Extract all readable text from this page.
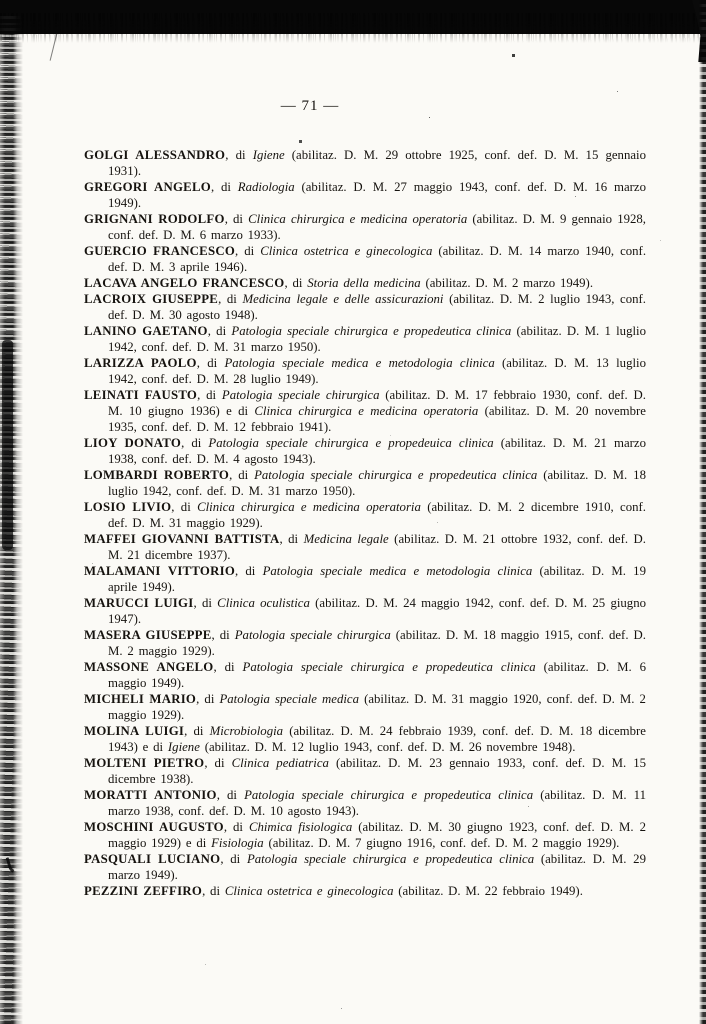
— 71 —

GOLGI ALESSANDRO, di Igiene (abilitaz. D. M. 29 ottobre 1925, conf. def. D. M. 15 gennaio 1931).

GREGORI ANGELO, di Radiologia (abilitaz. D. M. 27 maggio 1943, conf. def. D. M. 16 marzo 1949).

GRIGNANI RODOLFO, di Clinica chirurgica e medicina operatoria (abilitaz. D. M. 9 gennaio 1928, conf. def. D. M. 6 marzo 1933).

GUERCIO FRANCESCO, di Clinica ostetrica e ginecologica (abilitaz. D. M. 14 marzo 1940, conf. def. D. M. 3 aprile 1946).

LACAVA ANGELO FRANCESCO, di Storia della medicina (abilitaz. D. M. 2 marzo 1949).

LACROIX GIUSEPPE, di Medicina legale e delle assicurazioni (abilitaz. D. M. 2 luglio 1943, conf. def. D. M. 30 agosto 1948).

LANINO GAETANO, di Patologia speciale chirurgica e propedeutica clinica (abilitaz. D. M. 1 luglio 1942, conf. def. D. M. 31 marzo 1950).

LARIZZA PAOLO, di Patologia speciale medica e metodologia clinica (abilitaz. D. M. 13 luglio 1942, conf. def. D. M. 28 luglio 1949).

LEINATI FAUSTO, di Patologia speciale chirurgica (abilitaz. D. M. 17 febbraio 1930, conf. def. D. M. 10 giugno 1936) e di Clinica chirurgica e medicina operatoria (abilitaz. D. M. 20 novembre 1935, conf. def. D. M. 12 febbraio 1941).

LIOY DONATO, di Patologia speciale chirurgica e propedeuica clinica (abilitaz. D. M. 21 marzo 1938, conf. def. D. M. 4 agosto 1943).

LOMBARDI ROBERTO, di Patologia speciale chirurgica e propedeutica clinica (abilitaz. D. M. 18 luglio 1942, conf. def. D. M. 31 marzo 1950).

LOSIO LIVIO, di Clinica chirurgica e medicina operatoria (abilitaz. D. M. 2 dicembre 1910, conf. def. D. M. 31 maggio 1929).

MAFFEI GIOVANNI BATTISTA, di Medicina legale (abilitaz. D. M. 21 ottobre 1932, conf. def. D. M. 21 dicembre 1937).

MALAMANI VITTORIO, di Patologia speciale medica e metodologia clinica (abilitaz. D. M. 19 aprile 1949).

MARUCCI LUIGI, di Clinica oculistica (abilitaz. D. M. 24 maggio 1942, conf. def. D. M. 25 giugno 1947).

MASERA GIUSEPPE, di Patologia speciale chirurgica (abilitaz. D. M. 18 maggio 1915, conf. def. D. M. 2 maggio 1929).

MASSONE ANGELO, di Patologia speciale chirurgica e propedeutica clinica (abilitaz. D. M. 6 maggio 1949).

MICHELI MARIO, di Patologia speciale medica (abilitaz. D. M. 31 maggio 1920, conf. def. D. M. 2 maggio 1929).

MOLINA LUIGI, di Microbiologia (abilitaz. D. M. 24 febbraio 1939, conf. def. D. M. 18 dicembre 1943) e di Igiene (abilitaz. D. M. 12 luglio 1943, conf. def. D. M. 26 novembre 1948).

MOLTENI PIETRO, di Clinica pediatrica (abilitaz. D. M. 23 gennaio 1933, conf. def. D. M. 15 dicembre 1938).

MORATTI ANTONIO, di Patologia speciale chirurgica e propedeutica clinica (abilitaz. D. M. 11 marzo 1938, conf. def. D. M. 10 agosto 1943).

MOSCHINI AUGUSTO, di Chimica fisiologica (abilitaz. D. M. 30 giugno 1923, conf. def. D. M. 2 maggio 1929) e di Fisiologia (abilitaz. D. M. 7 giugno 1916, conf. def. D. M. 2 maggio 1929).

PASQUALI LUCIANO, di Patologia speciale chirurgica e propedeutica clinica (abilitaz. D. M. 29 marzo 1949).

PEZZINI ZEFFIRO, di Clinica ostetrica e ginecologica (abilitaz. D. M. 22 febbraio 1949).
